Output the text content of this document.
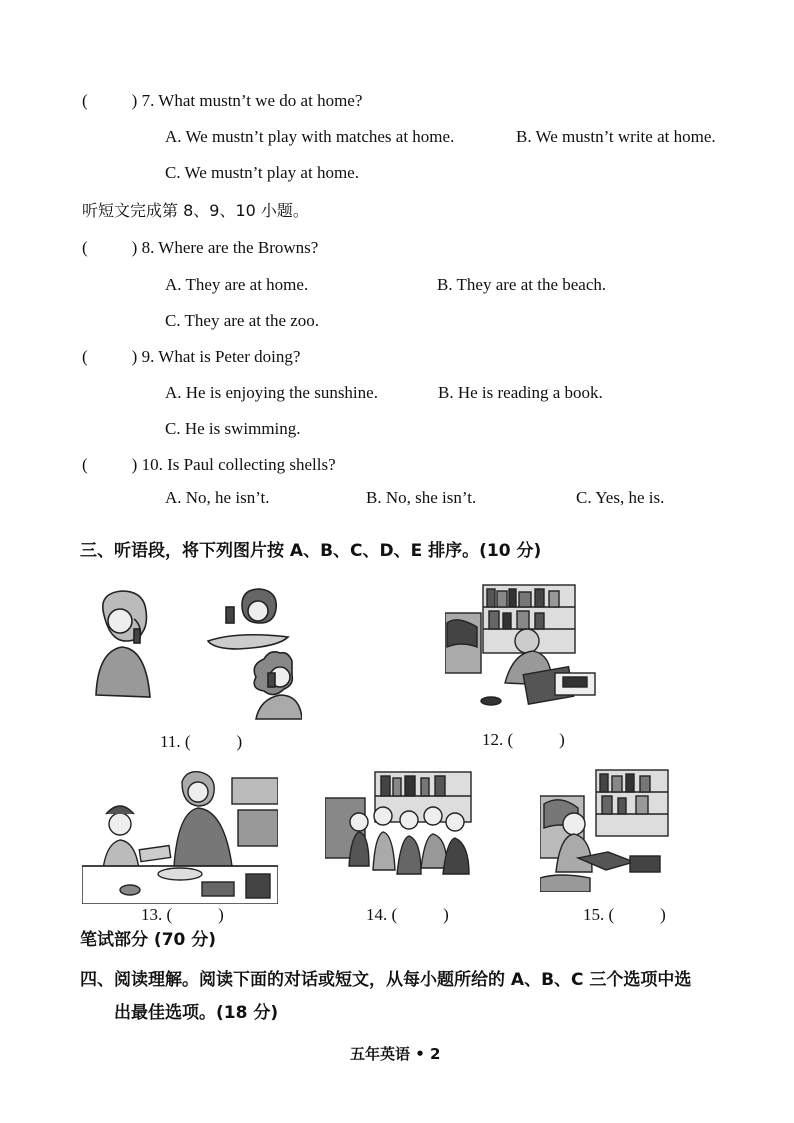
(	) 7. What mustn’t we do at home?
A. We mustn’t play with matches at home.	B. We mustn’t write at home.
C. We mustn’t play at home.
听短文完成第 8、9、10 小题。
(	) 8. Where are the Browns?
A. They are at home.	B. They are at the beach.
C. They are at the zoo.
(	) 9. What is Peter doing?
A. He is enjoying the sunshine.	B. He is reading a book.
C. He is swimming.
(	) 10. Is Paul collecting shells?
A. No, he isn’t.	B. No, she isn’t.	C. Yes, he is.
三、听语段，将下列图片按 A、B、C、D、E 排序。(10 分)
11. (	)	12. (	)
13. (	)	14. (	)	15. (	)
笔试部分 (70 分)
四、阅读理解。阅读下面的对话或短文，从每小题所给的 A、B、C 三个选项中选
出最佳选项。(18 分)
五年英语 • 2
